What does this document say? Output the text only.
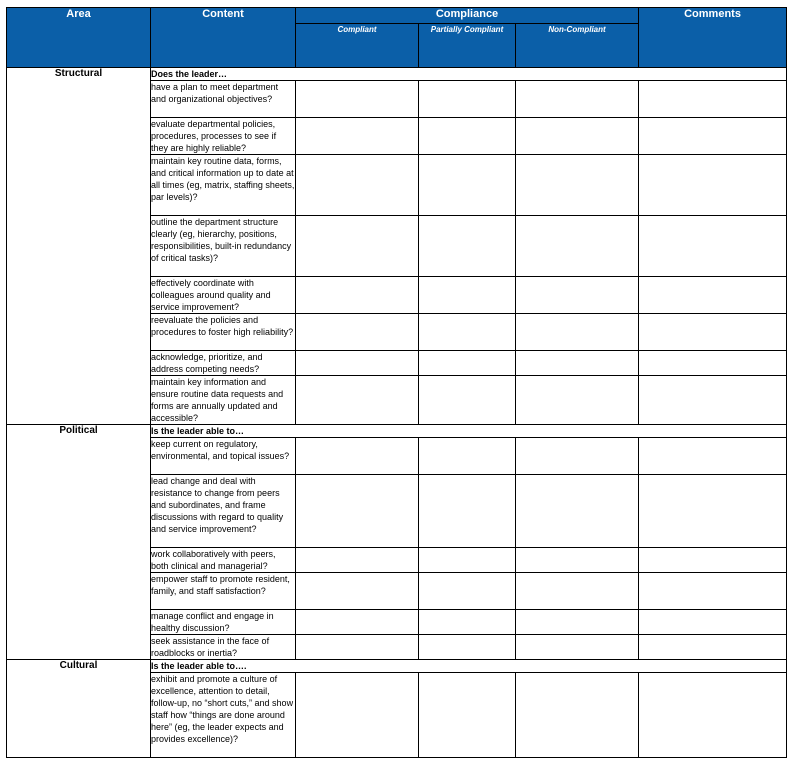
Area	Content	Compliance			Comments
		Compliant	Partially Compliant	Non-Compliant	
Structural	Does the leader…				
	have a plan to meet department and organizational objectives?				
	evaluate departmental policies, procedures, processes to see if they are highly reliable?				
	maintain key routine data, forms, and critical information up to date at all times (eg, matrix, staffing sheets, par levels)?				
	outline the department structure clearly (eg, hierarchy, positions, responsibilities, built-in redundancy of critical tasks)?				
	effectively coordinate with colleagues around quality and service improvement?				
	reevaluate the policies and procedures to foster high reliability?				
	acknowledge, prioritize, and address competing needs?				
	maintain key information and ensure routine data requests and forms are annually updated and accessible?				
Political	Is the leader able to…				
	keep current on regulatory, environmental, and topical issues?				
	lead change and deal with resistance to change from peers and subordinates, and frame discussions with regard to quality and service improvement?				
	work collaboratively with peers, both clinical and managerial?				
	empower staff to promote resident, family, and staff satisfaction?				
	manage conflict and engage in healthy discussion?				
	seek assistance in the face of roadblocks or inertia?				
Cultural	Is the leader able to….				
	exhibit and promote a culture of excellence, attention to detail, follow-up, no “short cuts,” and show staff how “things are done around here” (eg, the leader expects and provides excellence)?				
